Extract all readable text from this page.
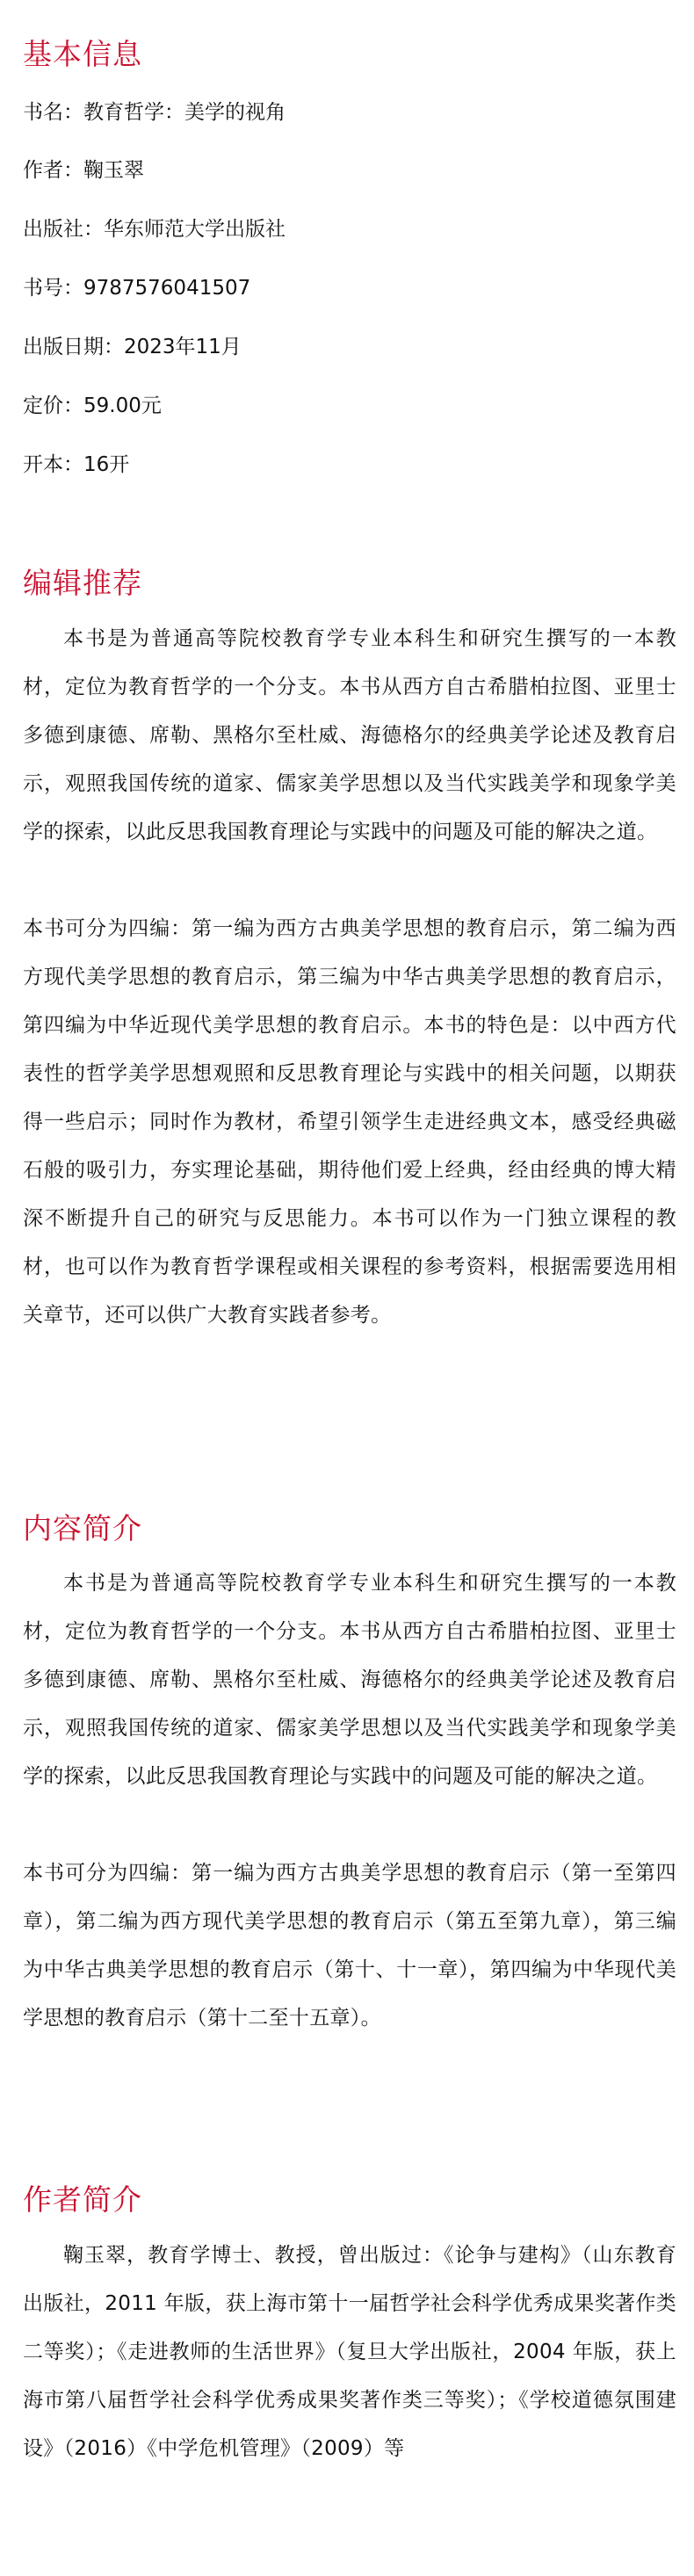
基本信息
书名：教育哲学：美学的视角
作者：鞠玉翠
出版社：华东师范大学出版社
书号：9787576041507
出版日期：2023年11月
定价：59.00元
开本：16开
编辑推荐

本书是为普通高等院校教育学专业本科生和研究生撰写的一本教材，定位为教育哲学的一个分支。本书从西方自古希腊柏拉图、亚里士多德到康德、席勒、黑格尔至杜威、海德格尔的经典美学论述及教育启示，观照我国传统的道家、儒家美学思想以及当代实践美学和现象学美学的探索，以此反思我国教育理论与实践中的问题及可能的解决之道。

本书可分为四编：第一编为西方古典美学思想的教育启示，第二编为西方现代美学思想的教育启示，第三编为中华古典美学思想的教育启示，第四编为中华近现代美学思想的教育启示。本书的特色是：以中西方代表性的哲学美学思想观照和反思教育理论与实践中的相关问题，以期获得一些启示；同时作为教材，希望引领学生走进经典文本，感受经典磁石般的吸引力，夯实理论基础，期待他们爱上经典，经由经典的博大精深不断提升自己的研究与反思能力。本书可以作为一门独立课程的教材，也可以作为教育哲学课程或相关课程的参考资料，根据需要选用相关章节，还可以供广大教育实践者参考。

内容简介

本书是为普通高等院校教育学专业本科生和研究生撰写的一本教材，定位为教育哲学的一个分支。本书从西方自古希腊柏拉图、亚里士多德到康德、席勒、黑格尔至杜威、海德格尔的经典美学论述及教育启示，观照我国传统的道家、儒家美学思想以及当代实践美学和现象学美学的探索，以此反思我国教育理论与实践中的问题及可能的解决之道。

本书可分为四编：第一编为西方古典美学思想的教育启示（第一至第四章），第二编为西方现代美学思想的教育启示（第五至第九章），第三编为中华古典美学思想的教育启示（第十、十一章），第四编为中华现代美学思想的教育启示（第十二至十五章）。

作者简介

鞠玉翠，教育学博士、教授，曾出版过：《论争与建构》（山东教育出版社，2011 年版，获上海市第十一届哲学社会科学优秀成果奖著作类二等奖）；《走进教师的生活世界》（复旦大学出版社，2004 年版，获上海市第八届哲学社会科学优秀成果奖著作类三等奖）；《学校道德氛围建设》（2016）《中学危机管理》（2009）等
